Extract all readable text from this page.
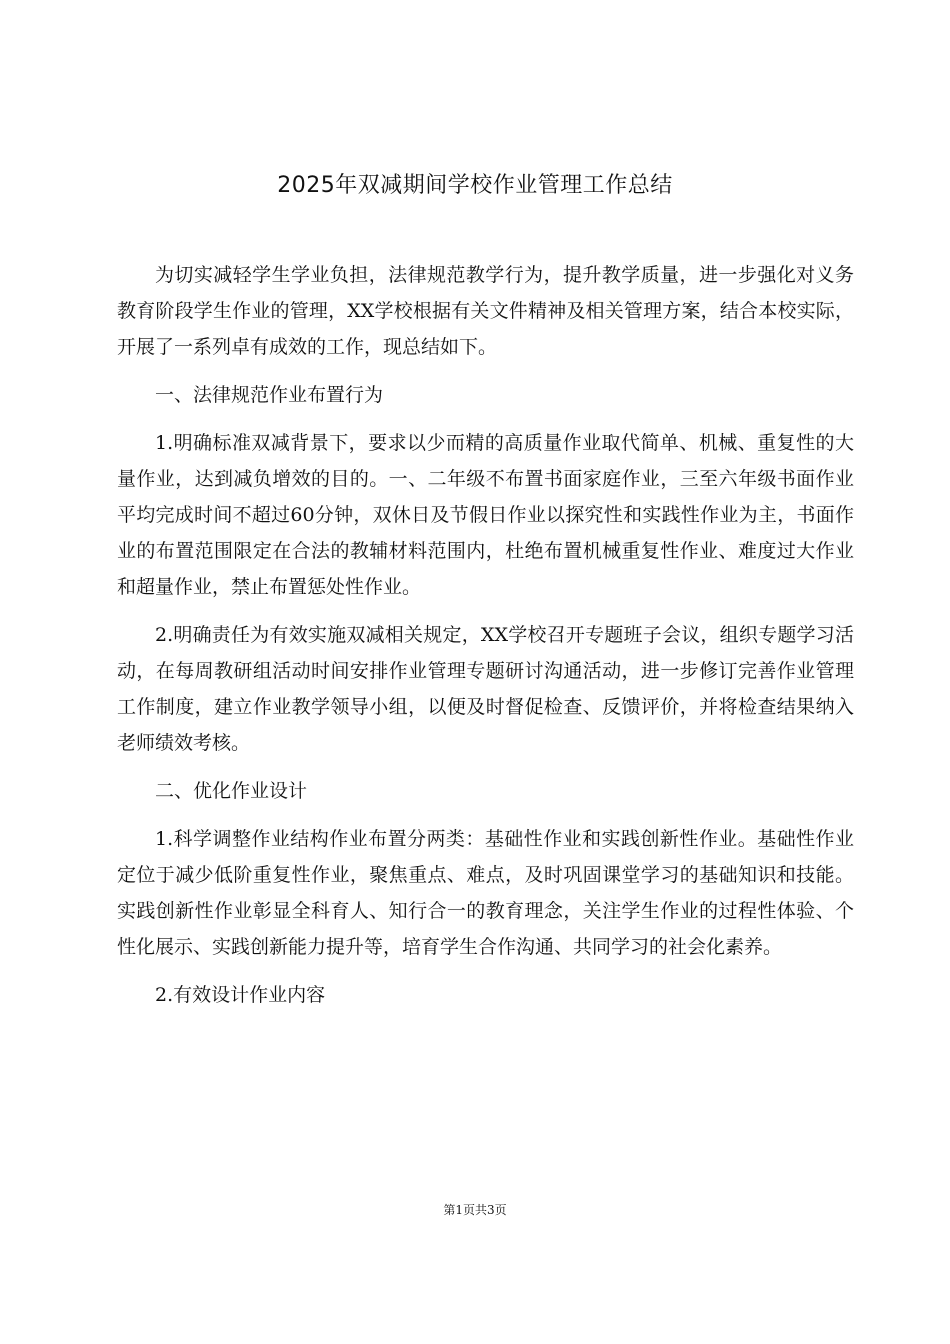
2025年双减期间学校作业管理工作总结

为切实减轻学生学业负担，法律规范教学行为，提升教学质量，进一步强化对义务教育阶段学生作业的管理，XX学校根据有关文件精神及相关管理方案，结合本校实际，开展了一系列卓有成效的工作，现总结如下。

一、法律规范作业布置行为

1.明确标准双减背景下，要求以少而精的高质量作业取代简单、机械、重复性的大量作业，达到减负增效的目的。一、二年级不布置书面家庭作业，三至六年级书面作业平均完成时间不超过60分钟，双休日及节假日作业以探究性和实践性作业为主，书面作业的布置范围限定在合法的教辅材料范围内，杜绝布置机械重复性作业、难度过大作业和超量作业，禁止布置惩处性作业。

2.明确责任为有效实施双减相关规定，XX学校召开专题班子会议，组织专题学习活动，在每周教研组活动时间安排作业管理专题研讨沟通活动，进一步修订完善作业管理工作制度，建立作业教学领导小组，以便及时督促检查、反馈评价，并将检查结果纳入老师绩效考核。

二、优化作业设计

1.科学调整作业结构作业布置分两类：基础性作业和实践创新性作业。基础性作业定位于减少低阶重复性作业，聚焦重点、难点，及时巩固课堂学习的基础知识和技能。实践创新性作业彰显全科育人、知行合一的教育理念，关注学生作业的过程性体验、个性化展示、实践创新能力提升等，培育学生合作沟通、共同学习的社会化素养。

2.有效设计作业内容

第1页共3页
